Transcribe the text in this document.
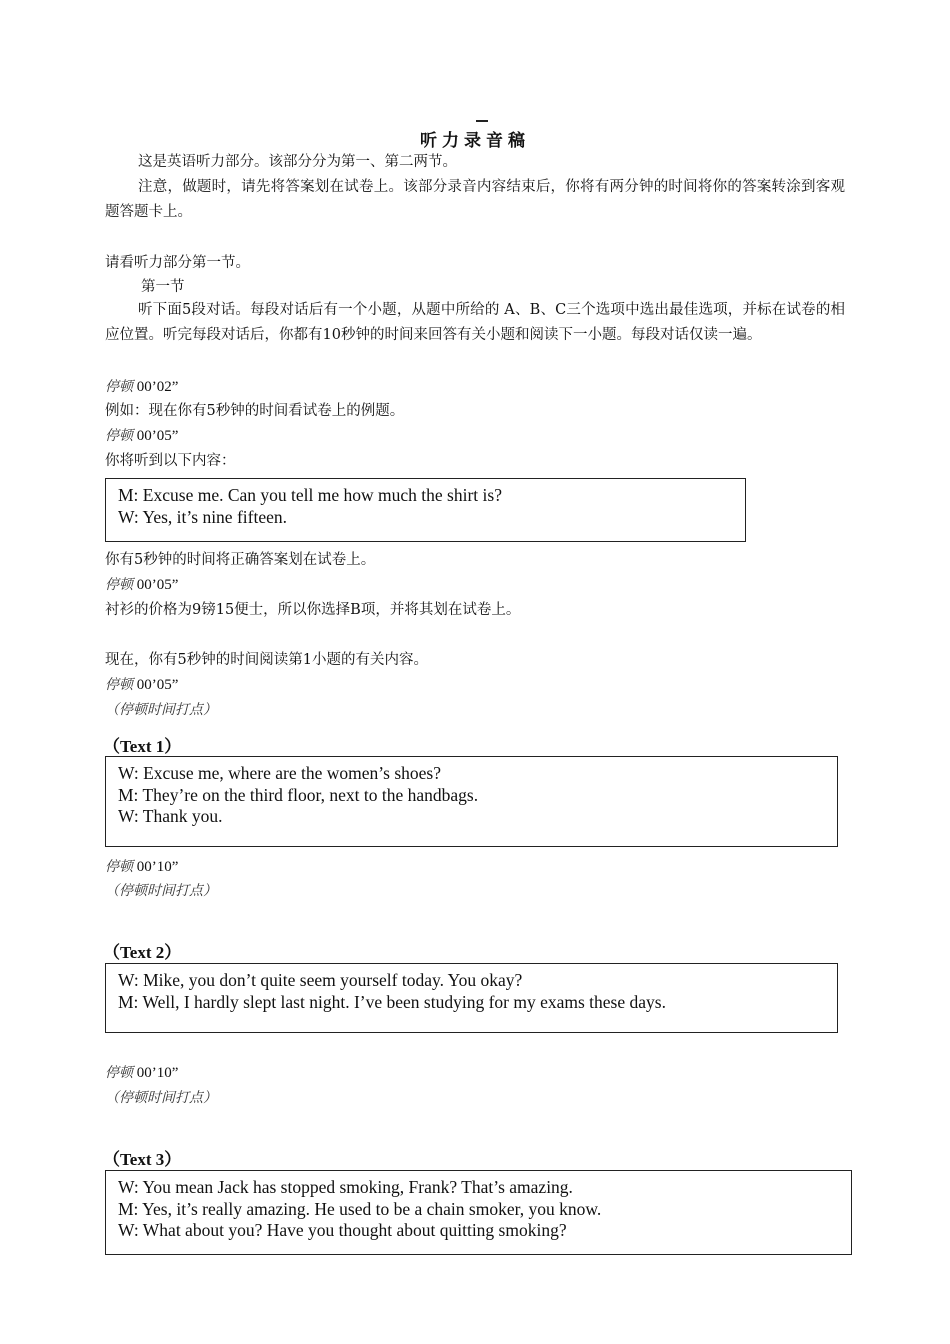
听力录音稿
这是英语听力部分。该部分分为第一、第二两节。
注意，做题时，请先将答案划在试卷上。该部分录音内容结束后，你将有两分钟的时间将你的答案转涂到客观题答题卡上。
请看听力部分第一节。
第一节
听下面5段对话。每段对话后有一个小题，从题中所给的 A、B、C三个选项中选出最佳选项，并标在试卷的相应位置。听完每段对话后，你都有10秒钟的时间来回答有关小题和阅读下一小题。每段对话仅读一遍。
停顿 00’02”
例如：现在你有5秒钟的时间看试卷上的例题。
停顿 00’05”
你将听到以下内容：
M: Excuse me. Can you tell me how much the shirt is?
W: Yes, it’s nine fifteen.
你有5秒钟的时间将正确答案划在试卷上。
停顿 00’05”
衬衫的价格为9镑15便士，所以你选择B项，并将其划在试卷上。
现在，你有5秒钟的时间阅读第1小题的有关内容。
停顿 00’05”
（停顿时间打点）
（Text 1）
W: Excuse me, where are the women’s shoes?
M: They’re on the third floor, next to the handbags.
W: Thank you.
停顿 00’10”
（停顿时间打点）
（Text 2）
W: Mike, you don’t quite seem yourself today. You okay?
M: Well, I hardly slept last night. I’ve been studying for my exams these days.
停顿 00’10”
（停顿时间打点）
（Text 3）
W: You mean Jack has stopped smoking, Frank? That’s amazing.
M: Yes, it’s really amazing. He used to be a chain smoker, you know.
W: What about you? Have you thought about quitting smoking?
